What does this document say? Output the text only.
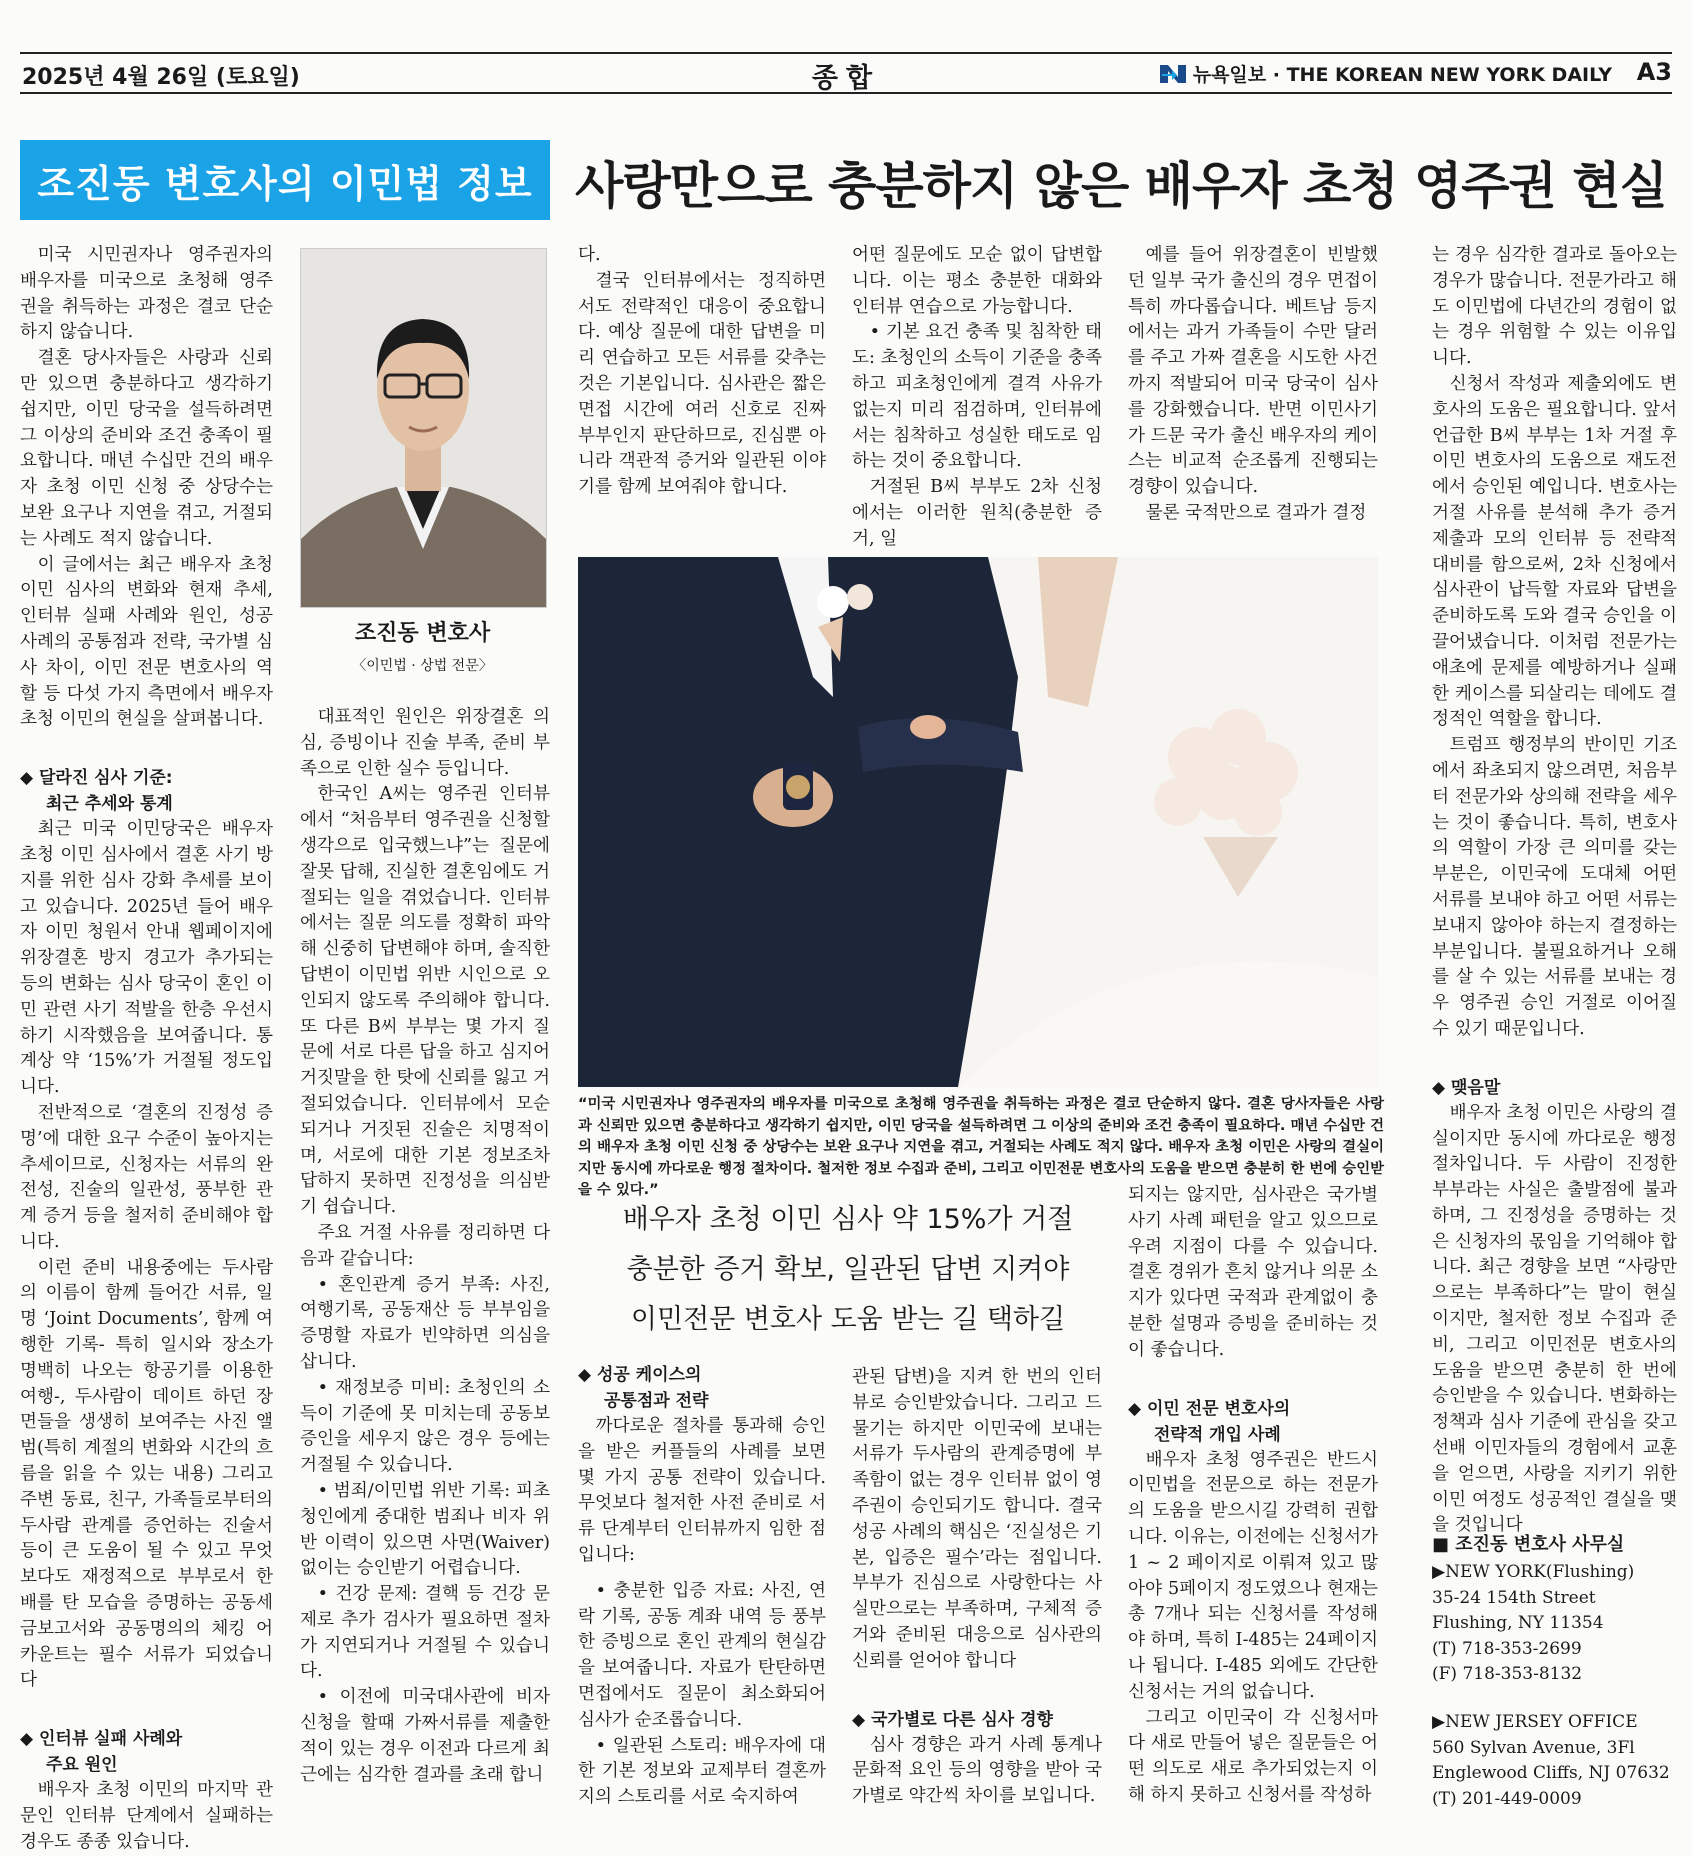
2025년 4월 26일 (토요일)	종합	뉴욕일보 · THE KOREAN NEW YORK DAILY A3
조진동 변호사의 이민법 정보 사랑만으로 충분하지 않은 배우자 초청 영주권 현실

미국 시민권자나 영주권자의 배우자를 미국으로 초청해 영주권을 취득하는 과정은 결코 단순하지 않습니다.

결혼 당사자들은 사랑과 신뢰만 있으면 충분하다고 생각하기 쉽지만, 이민 당국을 설득하려면 그 이상의 준비와 조건 충족이 필요합니다. 매년 수십만 건의 배우자 초청 이민 신청 중 상당수는 보완 요구나 지연을 겪고, 거절되는 사례도 적지 않습니다.

이 글에서는 최근 배우자 초청 이민 심사의 변화와 현재 추세, 인터뷰 실패 사례와 원인, 성공 사례의 공통점과 전략, 국가별 심사 차이, 이민 전문 변호사의 역할 등 다섯 가지 측면에서 배우자 초청 이민의 현실을 살펴봅니다.

◆ 달라진 심사 기준:
최근 추세와 통계

최근 미국 이민당국은 배우자 초청 이민 심사에서 결혼 사기 방지를 위한 심사 강화 추세를 보이고 있습니다. 2025년 들어 배우자 이민 청원서 안내 웹페이지에 위장결혼 방지 경고가 추가되는 등의 변화는 심사 당국이 혼인 이민 관련 사기 적발을 한층 우선시하기 시작했음을 보여줍니다. 통계상 약 ‘15%’가 거절될 정도입니다.

전반적으로 ‘결혼의 진정성 증명’에 대한 요구 수준이 높아지는 추세이므로, 신청자는 서류의 완전성, 진술의 일관성, 풍부한 관계 증거 등을 철저히 준비해야 합니다.

이런 준비 내용중에는 두사람의 이름이 함께 들어간 서류, 일명 ‘Joint Documents’, 함께 여행한 기록- 특히 일시와 장소가 명백히 나오는 항공기를 이용한 여행-, 두사람이 데이트 하던 장면들을 생생히 보여주는 사진 앨범(특히 계절의 변화와 시간의 흐름을 읽을 수 있는 내용) 그리고 주변 동료, 친구, 가족들로부터의 두사람 관계를 증언하는 진술서 등이 큰 도움이 될 수 있고 무엇보다도 재정적으로 부부로서 한 배를 탄 모습을 증명하는 공동세금보고서와 공동명의의 체킹 어카운트는 필수 서류가 되었습니다

◆ 인터뷰 실패 사례와
주요 원인

배우자 초청 이민의 마지막 관문인 인터뷰 단계에서 실패하는 경우도 종종 있습니다.

조진동 변호사
〈이민법 · 상법 전문〉

대표적인 원인은 위장결혼 의심, 증빙이나 진술 부족, 준비 부족으로 인한 실수 등입니다.

한국인 A씨는 영주권 인터뷰에서 “처음부터 영주권을 신청할 생각으로 입국했느냐”는 질문에 잘못 답해, 진실한 결혼임에도 거절되는 일을 겪었습니다. 인터뷰에서는 질문 의도를 정확히 파악해 신중히 답변해야 하며, 솔직한 답변이 이민법 위반 시인으로 오인되지 않도록 주의해야 합니다. 또 다른 B씨 부부는 몇 가지 질문에 서로 다른 답을 하고 심지어 거짓말을 한 탓에 신뢰를 잃고 거절되었습니다. 인터뷰에서 모순되거나 거짓된 진술은 치명적이며, 서로에 대한 기본 정보조차 답하지 못하면 진정성을 의심받기 쉽습니다.

주요 거절 사유를 정리하면 다음과 같습니다:

• 혼인관계 증거 부족: 사진, 여행기록, 공동재산 등 부부임을 증명할 자료가 빈약하면 의심을 삽니다.

• 재정보증 미비: 초청인의 소득이 기준에 못 미치는데 공동보증인을 세우지 않은 경우 등에는 거절될 수 있습니다.

• 범죄/이민법 위반 기록: 피초청인에게 중대한 범죄나 비자 위반 이력이 있으면 사면(Waiver) 없이는 승인받기 어렵습니다.

• 건강 문제: 결핵 등 건강 문제로 추가 검사가 필요하면 절차가 지연되거나 거절될 수 있습니다.

• 이전에 미국대사관에 비자 신청을 할때 가짜서류를 제출한 적이 있는 경우 이전과 다르게 최근에는 심각한 결과를 초래 합니

다.

결국 인터뷰에서는 정직하면서도 전략적인 대응이 중요합니다. 예상 질문에 대한 답변을 미리 연습하고 모든 서류를 갖추는 것은 기본입니다. 심사관은 짧은 면접 시간에 여러 신호로 진짜 부부인지 판단하므로, 진심뿐 아니라 객관적 증거와 일관된 이야기를 함께 보여줘야 합니다.

어떤 질문에도 모순 없이 답변합니다. 이는 평소 충분한 대화와 인터뷰 연습으로 가능합니다.

• 기본 요건 충족 및 침착한 태도: 초청인의 소득이 기준을 충족하고 피초청인에게 결격 사유가 없는지 미리 점검하며, 인터뷰에서는 침착하고 성실한 태도로 임하는 것이 중요합니다.

거절된 B씨 부부도 2차 신청에서는 이러한 원칙(충분한 증거, 일

예를 들어 위장결혼이 빈발했던 일부 국가 출신의 경우 면접이 특히 까다롭습니다. 베트남 등지에서는 과거 가족들이 수만 달러를 주고 가짜 결혼을 시도한 사건까지 적발되어 미국 당국이 심사를 강화했습니다. 반면 이민사기가 드문 국가 출신 배우자의 케이스는 비교적 순조롭게 진행되는 경향이 있습니다.

물론 국적만으로 결과가 결정

“미국 시민권자나 영주권자의 배우자를 미국으로 초청해 영주권을 취득하는 과정은 결코 단순하지 않다. 결혼 당사자들은 사랑과 신뢰만 있으면 충분하다고 생각하기 쉽지만, 이민 당국을 설득하려면 그 이상의 준비와 조건 충족이 필요하다. 매년 수십만 건의 배우자 초청 이민 신청 중 상당수는 보완 요구나 지연을 겪고, 거절되는 사례도 적지 않다. 배우자 초청 이민은 사랑의 결실이지만 동시에 까다로운 행정 절차이다. 철저한 정보 수집과 준비, 그리고 이민전문 변호사의 도움을 받으면 충분히 한 번에 승인받을 수 있다.”
배우자 초청 이민 심사 약 15%가 거절
충분한 증거 확보, 일관된 답변 지켜야
이민전문 변호사 도움 받는 길 택하길
◆ 성공 케이스의
공통점과 전략

까다로운 절차를 통과해 승인을 받은 커플들의 사례를 보면 몇 가지 공통 전략이 있습니다. 무엇보다 철저한 사전 준비로 서류 단계부터 인터뷰까지 임한 점입니다:

• 충분한 입증 자료: 사진, 연락 기록, 공동 계좌 내역 등 풍부한 증빙으로 혼인 관계의 현실감을 보여줍니다. 자료가 탄탄하면 면접에서도 질문이 최소화되어 심사가 순조롭습니다.

• 일관된 스토리: 배우자에 대한 기본 정보와 교제부터 결혼까지의 스토리를 서로 숙지하여

관된 답변)을 지켜 한 번의 인터뷰로 승인받았습니다. 그리고 드물기는 하지만 이민국에 보내는 서류가 두사람의 관계증명에 부족함이 없는 경우 인터뷰 없이 영주권이 승인되기도 합니다. 결국 성공 사례의 핵심은 ‘진실성은 기본, 입증은 필수’라는 점입니다. 부부가 진심으로 사랑한다는 사실만으로는 부족하며, 구체적 증거와 준비된 대응으로 심사관의 신뢰를 얻어야 합니다

◆ 국가별로 다른 심사 경향

심사 경향은 과거 사례 통계나 문화적 요인 등의 영향을 받아 국가별로 약간씩 차이를 보입니다.

되지는 않지만, 심사관은 국가별 사기 사례 패턴을 알고 있으므로 우려 지점이 다를 수 있습니다. 결혼 경위가 흔치 않거나 의문 소지가 있다면 국적과 관계없이 충분한 설명과 증빙을 준비하는 것이 좋습니다.

◆ 이민 전문 변호사의
전략적 개입 사례

배우자 초청 영주권은 반드시 이민법을 전문으로 하는 전문가의 도움을 받으시길 강력히 권합니다. 이유는, 이전에는 신청서가 1 ~ 2 페이지로 이뤄져 있고 많아야 5페이지 정도였으나 현재는 총 7개나 되는 신청서를 작성해야 하며, 특히 I-485는 24페이지나 됩니다. I-485 외에도 간단한 신청서는 거의 없습니다.

그리고 이민국이 각 신청서마다 새로 만들어 넣은 질문들은 어떤 의도로 새로 추가되었는지 이해 하지 못하고 신청서를 작성하

는 경우 심각한 결과로 돌아오는 경우가 많습니다. 전문가라고 해도 이민법에 다년간의 경험이 없는 경우 위험할 수 있는 이유입니다.

신청서 작성과 제출외에도 변호사의 도움은 필요합니다. 앞서 언급한 B씨 부부는 1차 거절 후 이민 변호사의 도움으로 재도전에서 승인된 예입니다. 변호사는 거절 사유를 분석해 추가 증거 제출과 모의 인터뷰 등 전략적 대비를 함으로써, 2차 신청에서 심사관이 납득할 자료와 답변을 준비하도록 도와 결국 승인을 이끌어냈습니다. 이처럼 전문가는 애초에 문제를 예방하거나 실패한 케이스를 되살리는 데에도 결정적인 역할을 합니다.

트럼프 행정부의 반이민 기조에서 좌초되지 않으려면, 처음부터 전문가와 상의해 전략을 세우는 것이 좋습니다. 특히, 변호사의 역할이 가장 큰 의미를 갖는 부분은, 이민국에 도대체 어떤 서류를 보내야 하고 어떤 서류는 보내지 않아야 하는지 결정하는 부분입니다. 불필요하거나 오해를 살 수 있는 서류를 보내는 경우 영주권 승인 거절로 이어질 수 있기 때문입니다.

◆ 맺음말

배우자 초청 이민은 사랑의 결실이지만 동시에 까다로운 행정 절차입니다. 두 사람이 진정한 부부라는 사실은 출발점에 불과하며, 그 진정성을 증명하는 것은 신청자의 몫임을 기억해야 합니다. 최근 경향을 보면 “사랑만으로는 부족하다”는 말이 현실이지만, 철저한 정보 수집과 준비, 그리고 이민전문 변호사의 도움을 받으면 충분히 한 번에 승인받을 수 있습니다. 변화하는 정책과 심사 기준에 관심을 갖고 선배 이민자들의 경험에서 교훈을 얻으면, 사랑을 지키기 위한 이민 여정도 성공적인 결실을 맺을 것입니다

■ 조진동 변호사 사무실
▶NEW YORK(Flushing)
35-24 154th Street
Flushing, NY 11354
(T) 718-353-2699
(F) 718-353-8132
▶NEW JERSEY OFFICE
560 Sylvan Avenue, 3Fl
Englewood Cliffs, NJ 07632
(T) 201-449-0009
